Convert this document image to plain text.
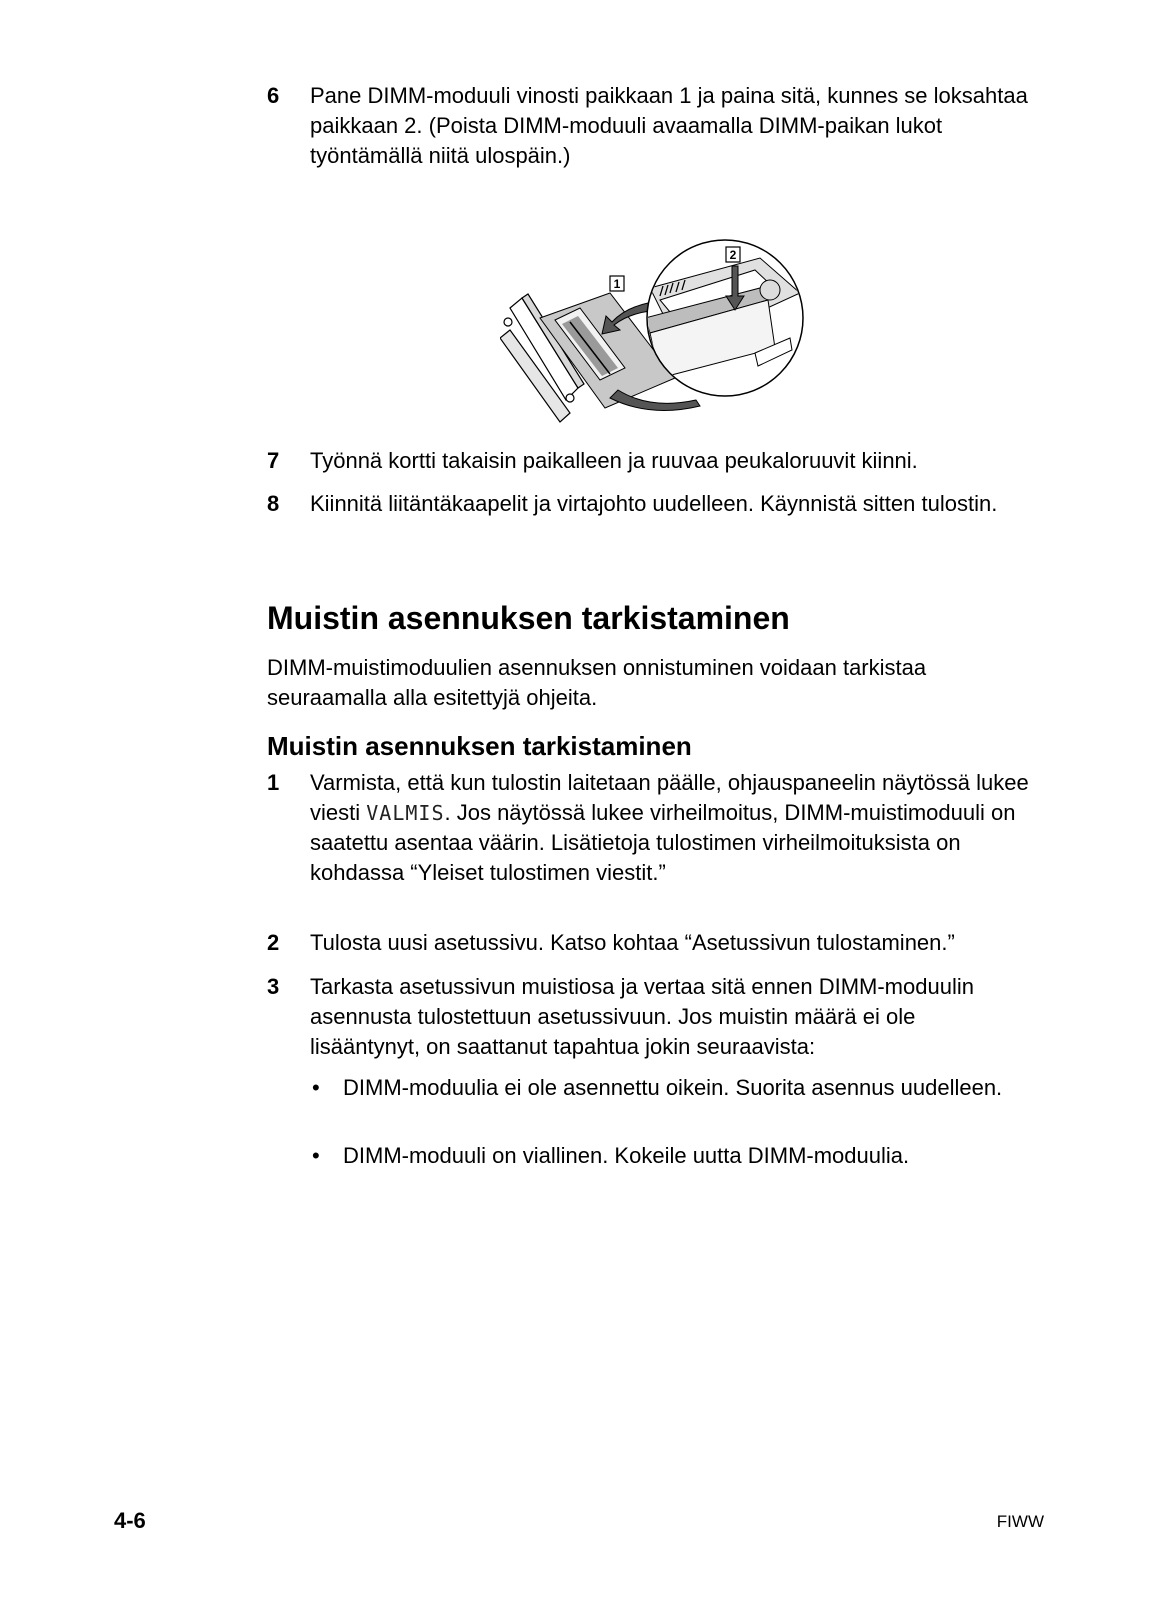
6 Pane DIMM-moduuli vinosti paikkaan 1 ja paina sitä, kunnes se loksahtaa paikkaan 2. (Poista DIMM-moduuli avaamalla DIMM-paikan lukot työntämällä niitä ulospäin.)
1
2
7 Työnnä kortti takaisin paikalleen ja ruuvaa peukaloruuvit kiinni.
8 Kiinnitä liitäntäkaapelit ja virtajohto uudelleen. Käynnistä sitten tulostin.
Muistin asennuksen tarkistaminen
DIMM-muistimoduulien asennuksen onnistuminen voidaan tarkistaa seuraamalla alla esitettyjä ohjeita.
Muistin asennuksen tarkistaminen
1 Varmista, että kun tulostin laitetaan päälle, ohjauspaneelin näytössä lukee viesti VALMIS. Jos näytössä lukee virheilmoitus, DIMM-muistimoduuli on saatettu asentaa väärin. Lisätietoja tulostimen virheilmoituksista on kohdassa “Yleiset tulostimen viestit.”
2 Tulosta uusi asetussivu. Katso kohtaa “Asetussivun tulostaminen.”
3 Tarkasta asetussivun muistiosa ja vertaa sitä ennen DIMM-moduulin asennusta tulostettuun asetussivuun. Jos muistin määrä ei ole lisääntynyt, on saattanut tapahtua jokin seuraavista:
• DIMM-moduulia ei ole asennettu oikein. Suorita asennus uudelleen.
• DIMM-moduuli on viallinen. Kokeile uutta DIMM-moduulia.
4-6	FIWW
